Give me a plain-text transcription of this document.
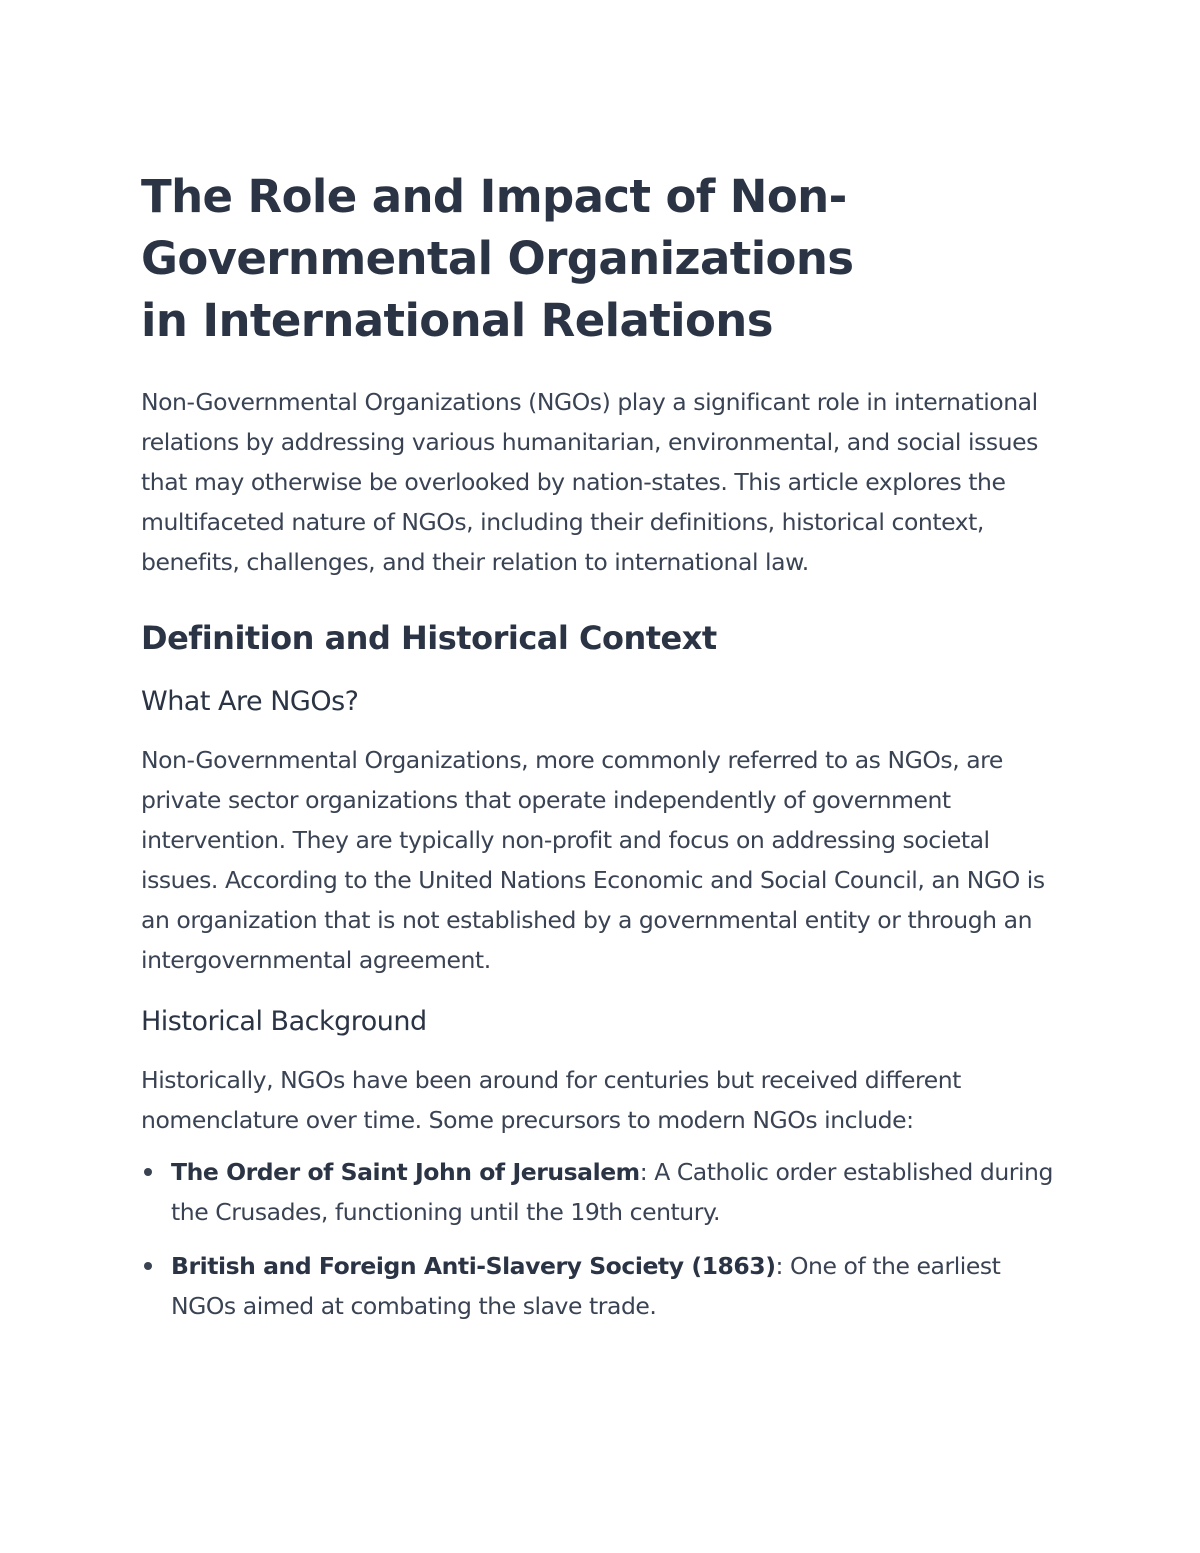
The Role and Impact of Non-Governmental Organizations in International Relations

Non-Governmental Organizations (NGOs) play a significant role in international relations by addressing various humanitarian, environmental, and social issues that may otherwise be overlooked by nation-states. This article explores the multifaceted nature of NGOs, including their definitions, historical context, benefits, challenges, and their relation to international law.

Definition and Historical Context
What Are NGOs?

Non-Governmental Organizations, more commonly referred to as NGOs, are private sector organizations that operate independently of government intervention. They are typically non-profit and focus on addressing societal issues. According to the United Nations Economic and Social Council, an NGO is an organization that is not established by a governmental entity or through an intergovernmental agreement.

Historical Background

Historically, NGOs have been around for centuries but received different nomenclature over time. Some precursors to modern NGOs include:

The Order of Saint John of Jerusalem: A Catholic order established during the Crusades, functioning until the 19th century.
British and Foreign Anti-Slavery Society (1863): One of the earliest NGOs aimed at combating the slave trade.
